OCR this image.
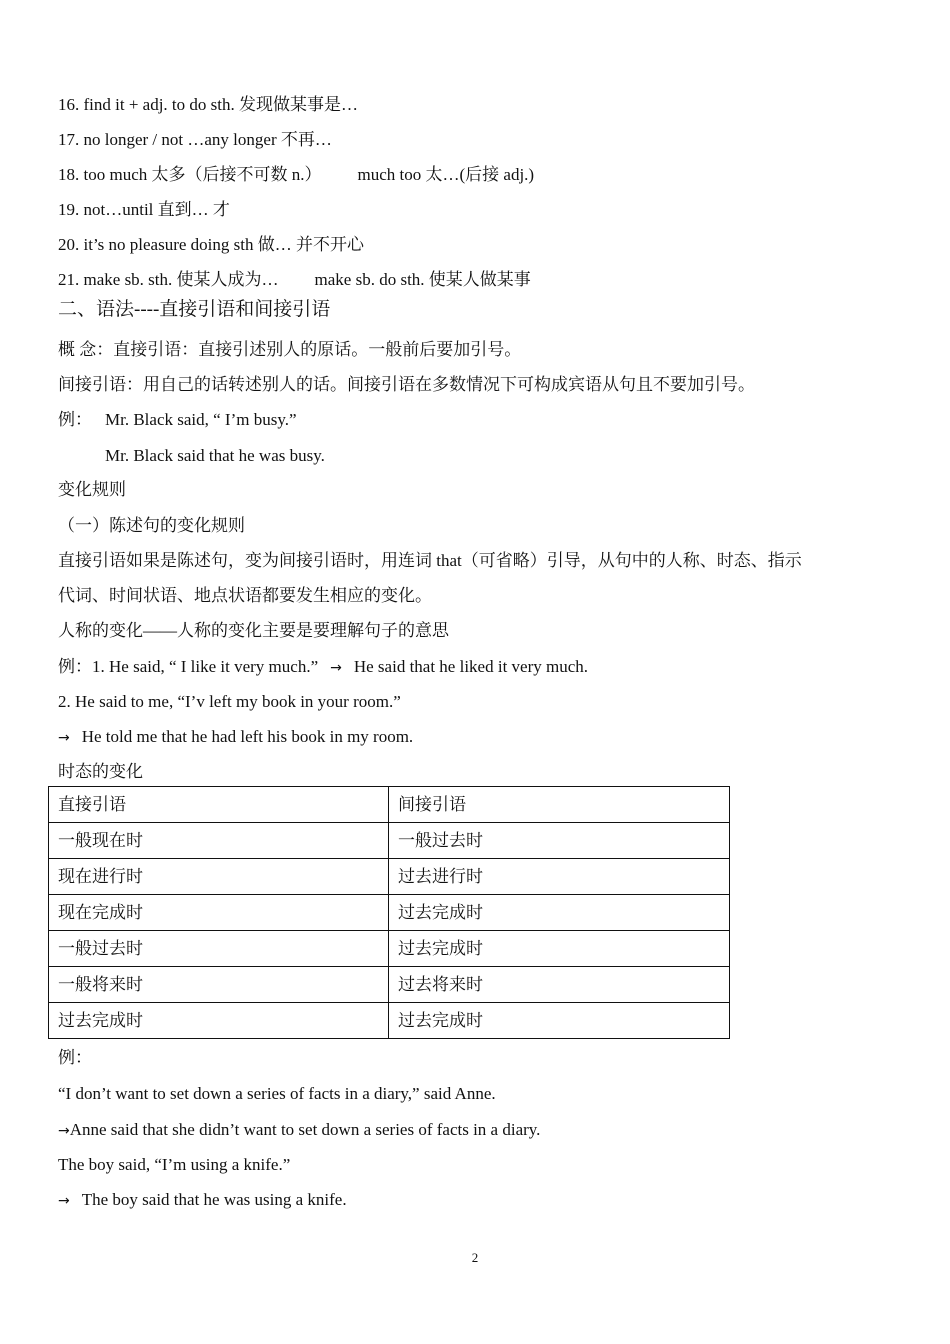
16. find it + adj. to do sth. 发现做某事是…
17. no longer / not …any longer 不再…
18. too much 太多（后接不可数 n.） much too 太…(后接 adj.)
19. not…until 直到… 才
20. it’s no pleasure doing sth 做… 并不开心
21. make sb. sth. 使某人成为… make sb. do sth. 使某人做某事
二、语法----直接引语和间接引语
概 念：直接引语：直接引述别人的原话。一般前后要加引号。
间接引语：用自己的话转述别人的话。间接引语在多数情况下可构成宾语从句且不要加引号。
例： Mr. Black said, “ I’m busy.”
Mr. Black said that he was busy.
变化规则
（一）陈述句的变化规则
直接引语如果是陈述句，变为间接引语时，用连词 that（可省略）引导，从句中的人称、时态、指示
代词、时间状语、地点状语都要发生相应的变化。
人称的变化——人称的变化主要是要理解句子的意思
例：1. He said, “ I like it very much.” → He said that he liked it very much.
2. He said to me, “I’v left my book in your room.”
→ He told me that he had left his book in my room.
时态的变化
直接引语	间接引语
一般现在时	一般过去时
现在进行时	过去进行时
现在完成时	过去完成时
一般过去时	过去完成时
一般将来时	过去将来时
过去完成时	过去完成时
例：
“I don’t want to set down a series of facts in a diary,” said Anne.
→Anne said that she didn’t want to set down a series of facts in a diary.
The boy said, “I’m using a knife.”
→ The boy said that he was using a knife.
2
